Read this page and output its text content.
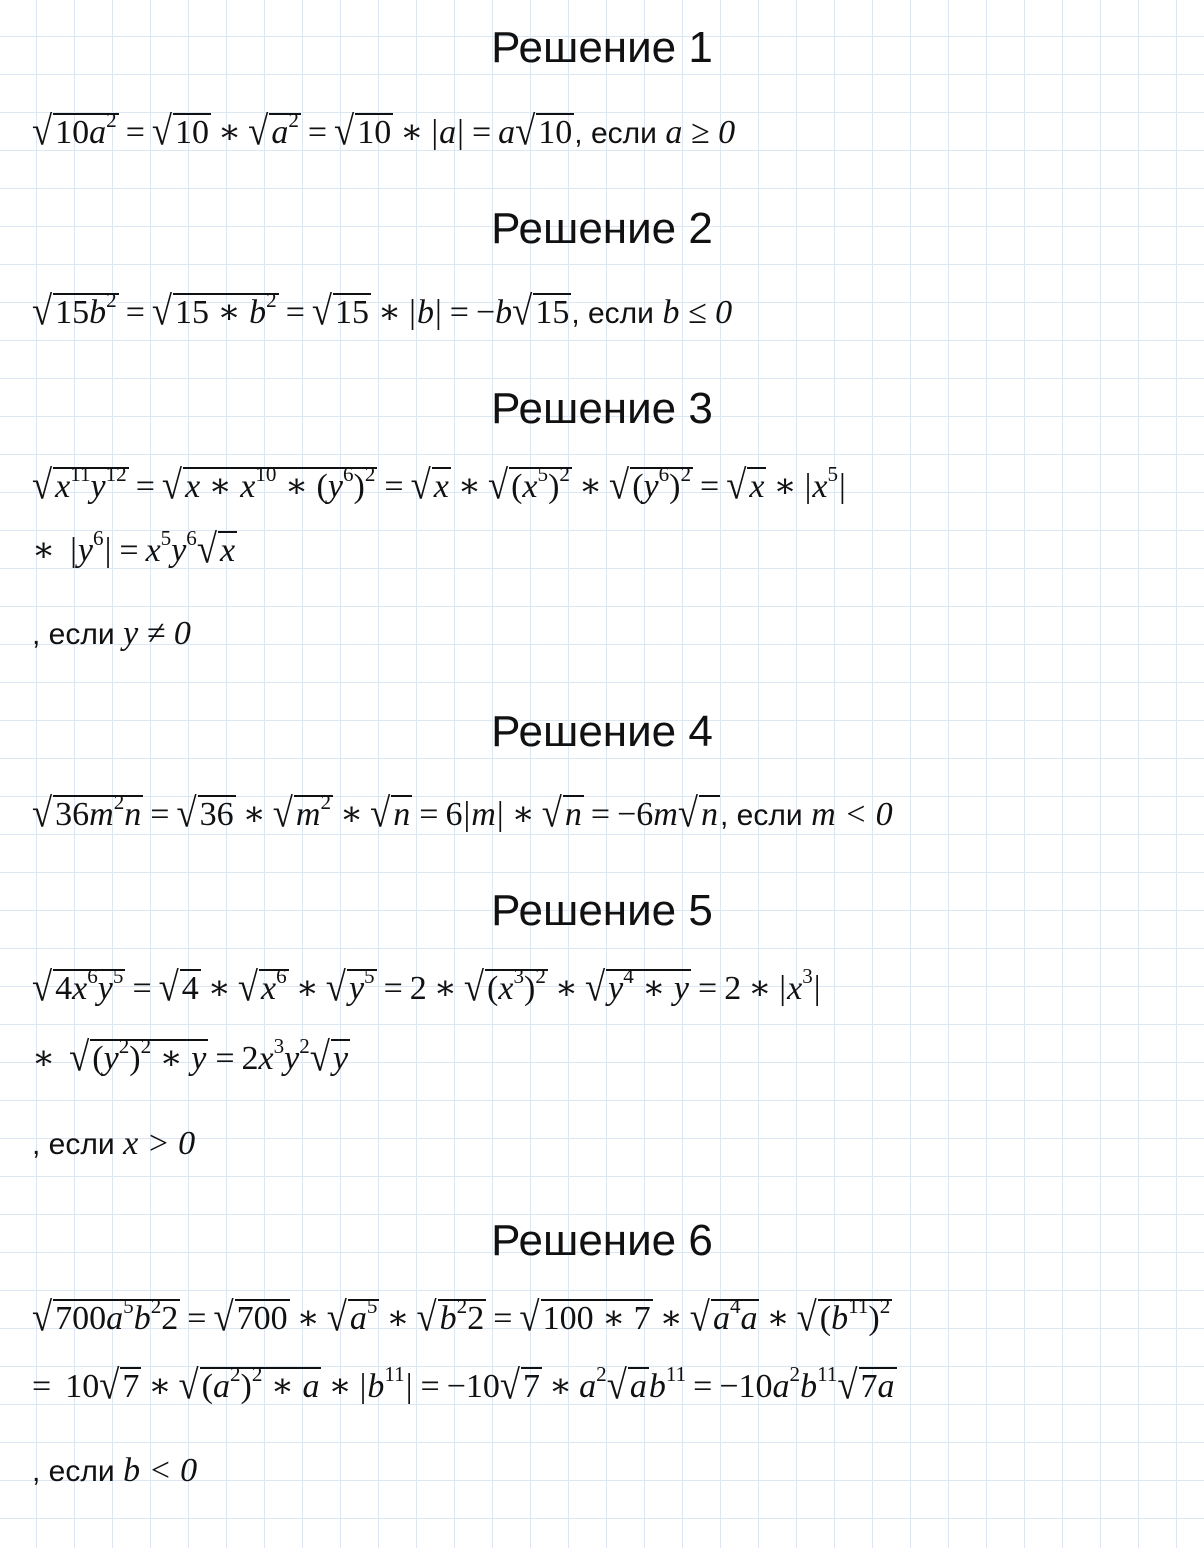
Решение 1
$√10a^2 = √10$ ∗ $√a^2 = √10$ ∗ |a| = a√10, если a ≥ 0
Решение 2
$√15b^2 = √15$ ∗ $b^2 = √15$ ∗ |b| = −b√15, если b ≤ 0
Решение 3
$√x^{11}y^{12} = √x$ ∗ $x^{10}$ ∗ $(y^6)^2 = √x$ ∗ $√(x^5)^2$ ∗ $√(y^6)^2 = √x$ ∗ $|x^5|$
∗ $|y^6| = x^5y^6√x$
, если y ≠ 0
Решение 4
$√36m^2n = √36$ ∗ $√m^2$ ∗ √n = 6|m| ∗ √n = −6m√n, если m < 0
Решение 5
$√4x^6y^5 = √4$ ∗ $√x^6$ ∗ $√y^5 = 2$ ∗ $√(x^3)^2$ ∗ $√y^4$ ∗ y = 2 ∗ $|x^3|$
∗ $√(y^2)^2$ ∗ $y = 2x^3y^2√y$
, если x > 0
Решение 6
$√700a^5b^22 = √700$ ∗ $√a^5$ ∗ $√b^22 = √100$ ∗ 7 ∗ $√a^4a$ ∗ $√(b^{11})^2$
= 10√7 ∗ $√(a^2)^2$ ∗ a ∗ $|b^{11}| = -10√7$ ∗ $a^2√ab^{11} = -10a^2b^{11}√7a$
, если b < 0
